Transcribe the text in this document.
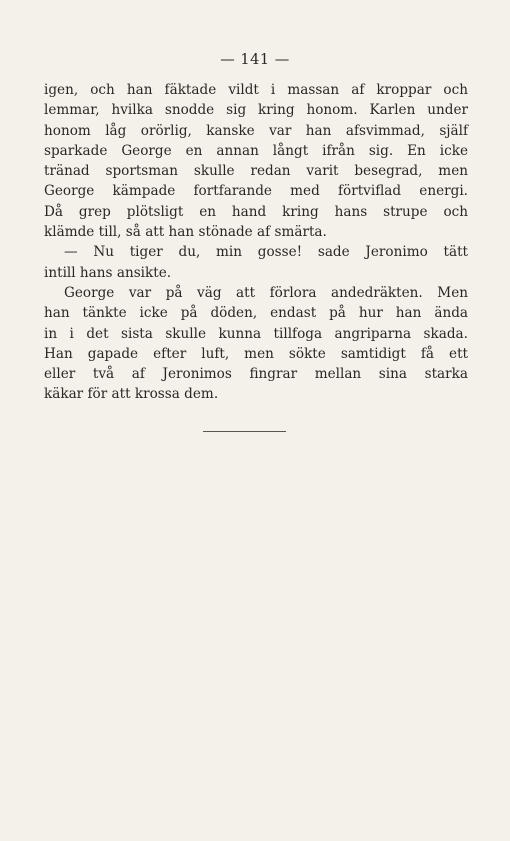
— 141 —
igen, och han fäktade vildt i massan af kroppar och
lemmar, hvilka snodde sig kring honom. Karlen under
honom låg orörlig, kanske var han afsvimmad, själf
sparkade George en annan långt ifrån sig. En icke
tränad sportsman skulle redan varit besegrad, men
George kämpade fortfarande med förtviflad energi.
Då grep plötsligt en hand kring hans strupe och
klämde till, så att han stönade af smärta.
— Nu tiger du, min gosse! sade Jeronimo tätt
intill hans ansikte.
George var på väg att förlora andedräkten. Men
han tänkte icke på döden, endast på hur han ända
in i det sista skulle kunna tillfoga angriparna skada.
Han gapade efter luft, men sökte samtidigt få ett
eller två af Jeronimos fingrar mellan sina starka
käkar för att krossa dem.
